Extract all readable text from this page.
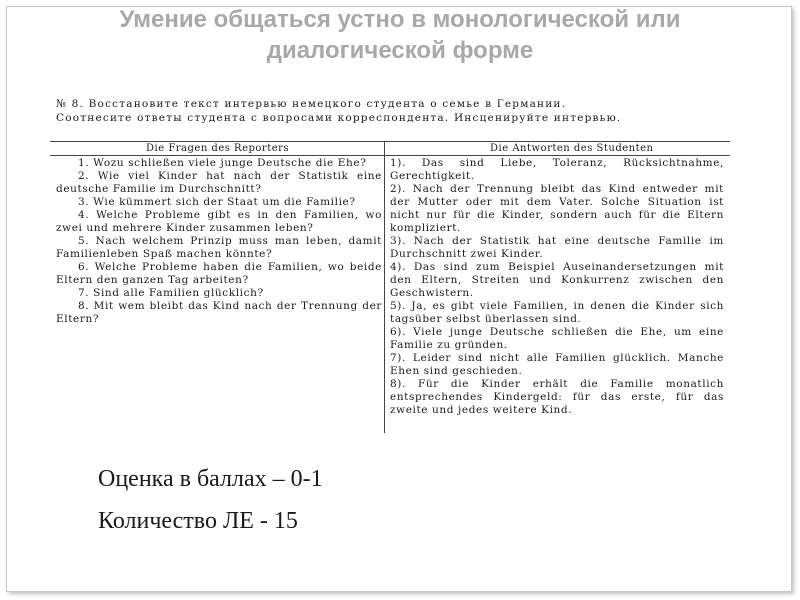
Умение общаться устно в монологической или
диалогической форме
№ 8. Восстановите текст интервью немецкого студента о семье в Германии.
Соотнесите ответы студента с вопросами корреспондента. Инсценируйте интервью.
Die Fragen des Reporters	Die Antworten des Studenten

1. Wozu schließen viele junge Deutsche die Ehe?

2. Wie viel Kinder hat nach der Statistik eine deutsche Familie im Durchschnitt?

3. Wie kümmert sich der Staat um die Familie?

4. Welche Probleme gibt es in den Familien, wo zwei und mehrere Kinder zusammen leben?

5. Nach welchem Prinzip muss man leben, damit Familienleben Spaß machen könnte?

6. Welche Probleme haben die Familien, wo beide Eltern den ganzen Tag arbeiten?

7. Sind alle Familien glücklich?

8. Mit wem bleibt das Kind nach der Trennung der Eltern?

1). Das sind Liebe, Toleranz, Rücksichtnahme, Gerechtigkeit.

2). Nach der Trennung bleibt das Kind entweder mit der Mutter oder mit dem Vater. Solche Situation ist nicht nur für die Kinder, sondern auch für die Eltern kompliziert.

3). Nach der Statistik hat eine deutsche Familie im Durchschnitt zwei Kinder.

4). Das sind zum Beispiel Auseinandersetzungen mit den Eltern, Streiten und Konkurrenz zwischen den Geschwistern.

5). Ja, es gibt viele Familien, in denen die Kinder sich tagsüber selbst überlassen sind.

6). Viele junge Deutsche schließen die Ehe, um eine Familie zu gründen.

7). Leider sind nicht alle Familien glücklich. Manche Ehen sind geschieden.

8). Für die Kinder erhält die Familie monatlich entsprechendes Kindergeld: für das erste, für das zweite und jedes weitere Kind.

Оценка в баллах – 0-1
Количество ЛЕ - 15
